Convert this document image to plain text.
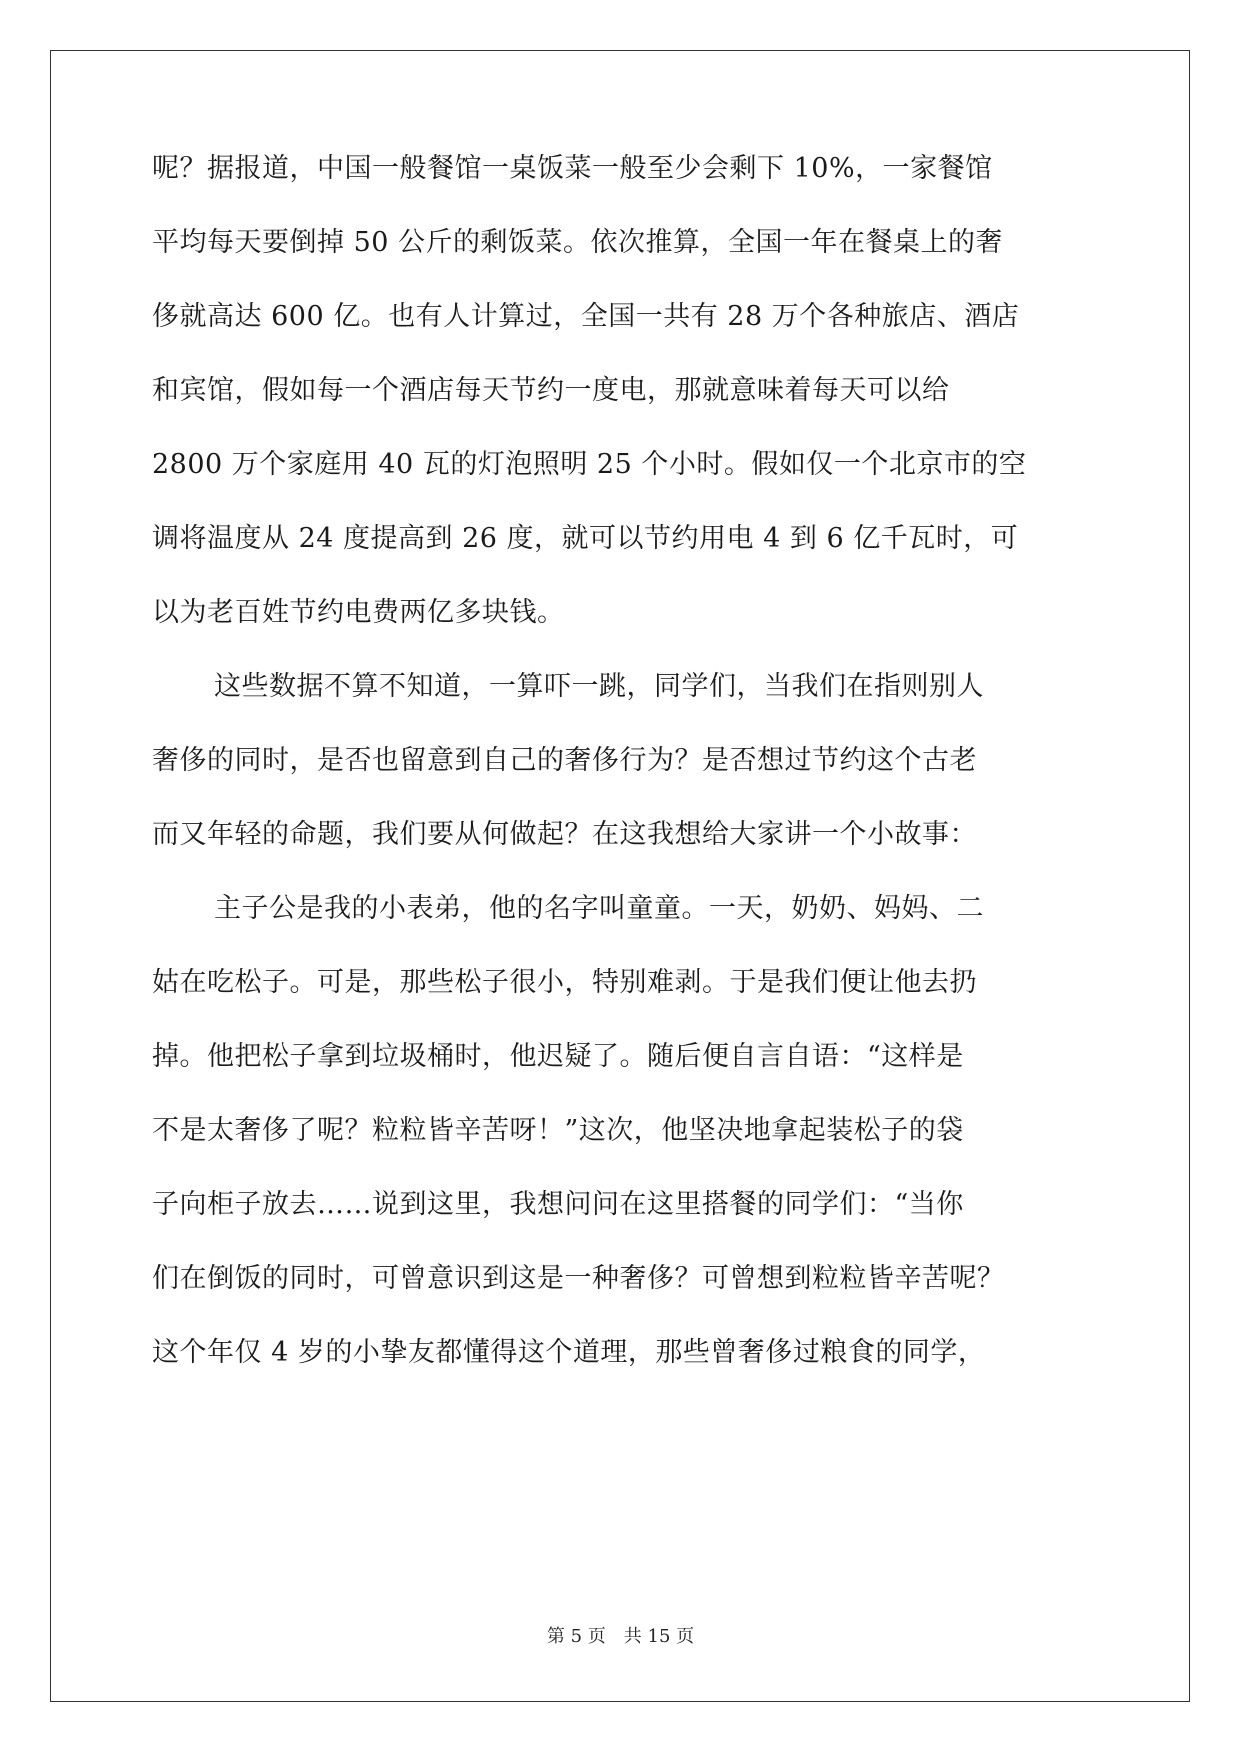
呢？据报道，中国一般餐馆一桌饭菜一般至少会剩下 10%，一家餐馆
平均每天要倒掉 50 公斤的剩饭菜。依次推算，全国一年在餐桌上的奢
侈就高达 600 亿。也有人计算过，全国一共有 28 万个各种旅店、酒店
和宾馆，假如每一个酒店每天节约一度电，那就意味着每天可以给
2800 万个家庭用 40 瓦的灯泡照明 25 个小时。假如仅一个北京市的空
调将温度从 24 度提高到 26 度，就可以节约用电 4 到 6 亿千瓦时，可
以为老百姓节约电费两亿多块钱。
这些数据不算不知道，一算吓一跳，同学们，当我们在指则别人
奢侈的同时，是否也留意到自己的奢侈行为？是否想过节约这个古老
而又年轻的命题，我们要从何做起？在这我想给大家讲一个小故事：
主子公是我的小表弟，他的名字叫童童。一天，奶奶、妈妈、二
姑在吃松子。可是，那些松子很小，特别难剥。于是我们便让他去扔
掉。他把松子拿到垃圾桶时，他迟疑了。随后便自言自语：“这样是
不是太奢侈了呢？粒粒皆辛苦呀！”这次，他坚决地拿起装松子的袋
子向柜子放去……说到这里，我想问问在这里搭餐的同学们：“当你
们在倒饭的同时，可曾意识到这是一种奢侈？可曾想到粒粒皆辛苦呢？
这个年仅 4 岁的小挚友都懂得这个道理，那些曾奢侈过粮食的同学，
第 5 页 共 15 页
